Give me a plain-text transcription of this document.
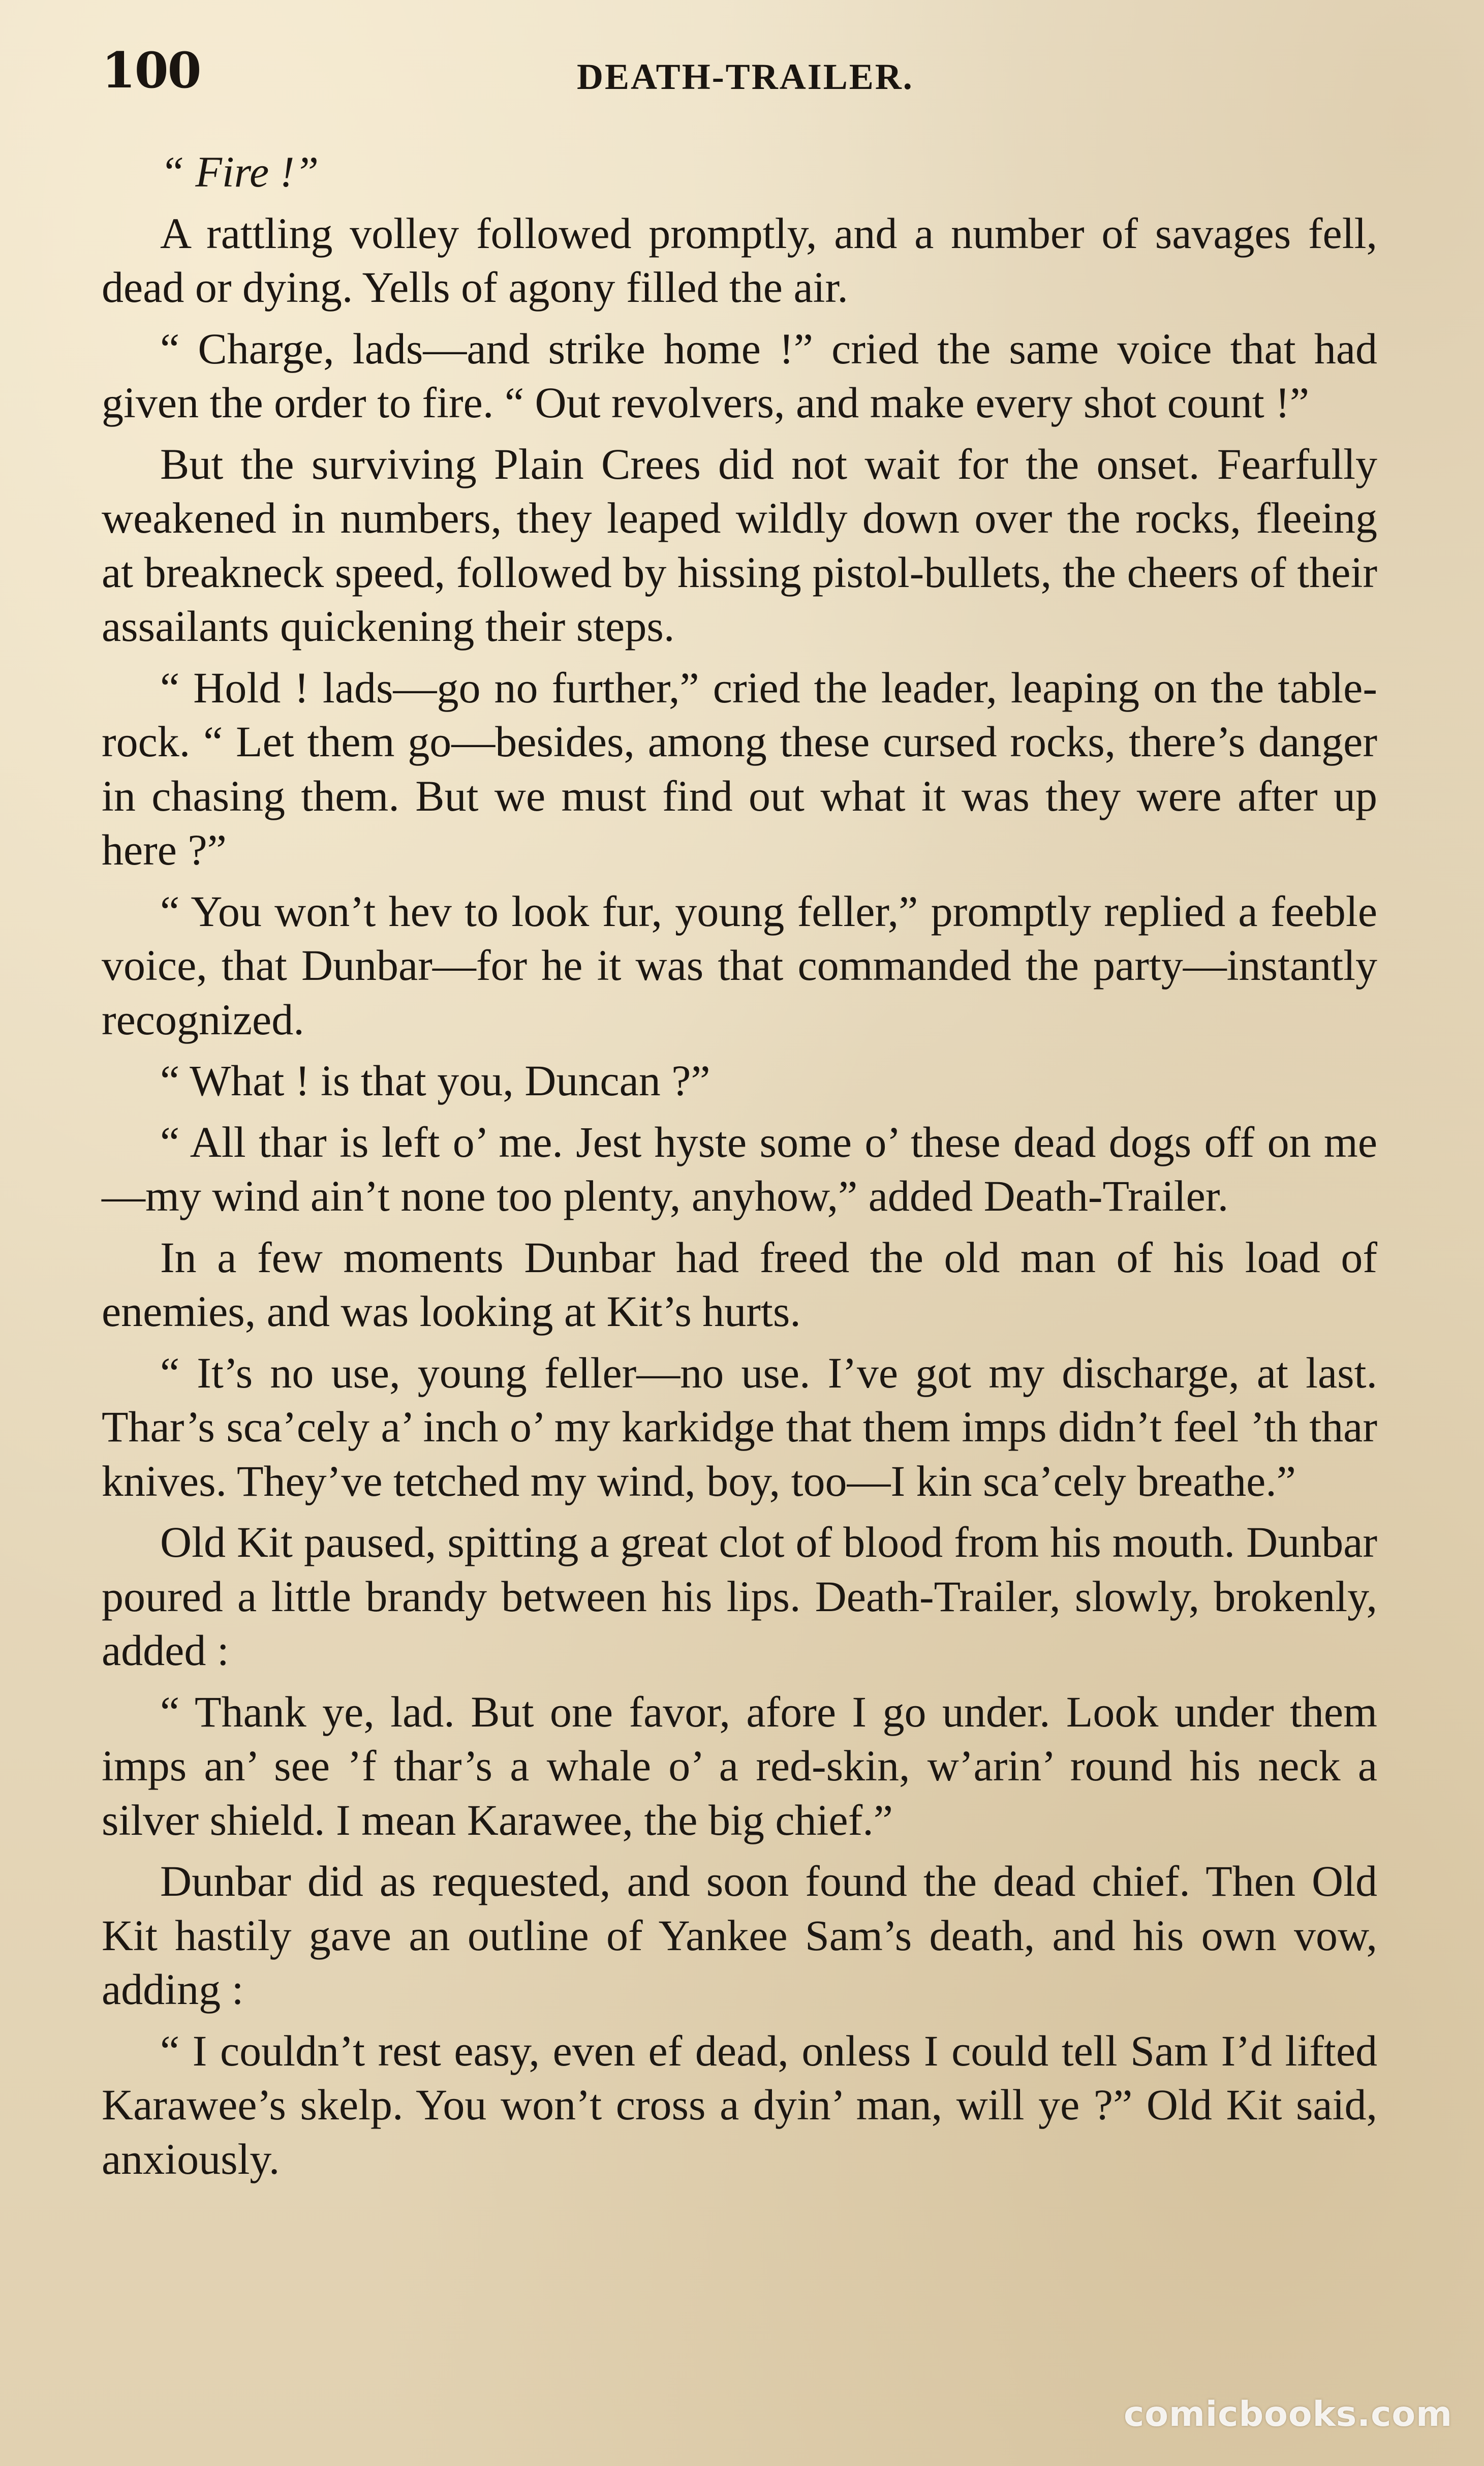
100	DEATH-TRAILER.

“ Fire !”

A rattling volley followed promptly, and a number of savages fell, dead or dying. Yells of agony filled the air.

“ Charge, lads—and strike home !” cried the same voice that had given the order to fire. “ Out revolvers, and make every shot count !”

But the surviving Plain Crees did not wait for the onset. Fearfully weakened in numbers, they leaped wildly down over the rocks, fleeing at breakneck speed, followed by hissing pistol-bullets, the cheers of their assailants quickening their steps.

“ Hold ! lads—go no further,” cried the leader, leaping on the table-rock. “ Let them go—besides, among these cursed rocks, there’s danger in chasing them. But we must find out what it was they were after up here ?”

“ You won’t hev to look fur, young feller,” promptly replied a feeble voice, that Dunbar—for he it was that commanded the party—instantly recognized.

“ What ! is that you, Duncan ?”

“ All thar is left o’ me. Jest hyste some o’ these dead dogs off on me—my wind ain’t none too plenty, anyhow,” added Death-Trailer.

In a few moments Dunbar had freed the old man of his load of enemies, and was looking at Kit’s hurts.

“ It’s no use, young feller—no use. I’ve got my discharge, at last. Thar’s sca’cely a’ inch o’ my karkidge that them imps didn’t feel ’th thar knives. They’ve tetched my wind, boy, too—I kin sca’cely breathe.”

Old Kit paused, spitting a great clot of blood from his mouth. Dunbar poured a little brandy between his lips. Death-Trailer, slowly, brokenly, added :

“ Thank ye, lad. But one favor, afore I go under. Look under them imps an’ see ’f thar’s a whale o’ a red-skin, w’arin’ round his neck a silver shield. I mean Karawee, the big chief.”

Dunbar did as requested, and soon found the dead chief. Then Old Kit hastily gave an outline of Yankee Sam’s death, and his own vow, adding :

“ I couldn’t rest easy, even ef dead, onless I could tell Sam I’d lifted Karawee’s skelp. You won’t cross a dyin’ man, will ye ?” Old Kit said, anxiously.

comicbooks.com
